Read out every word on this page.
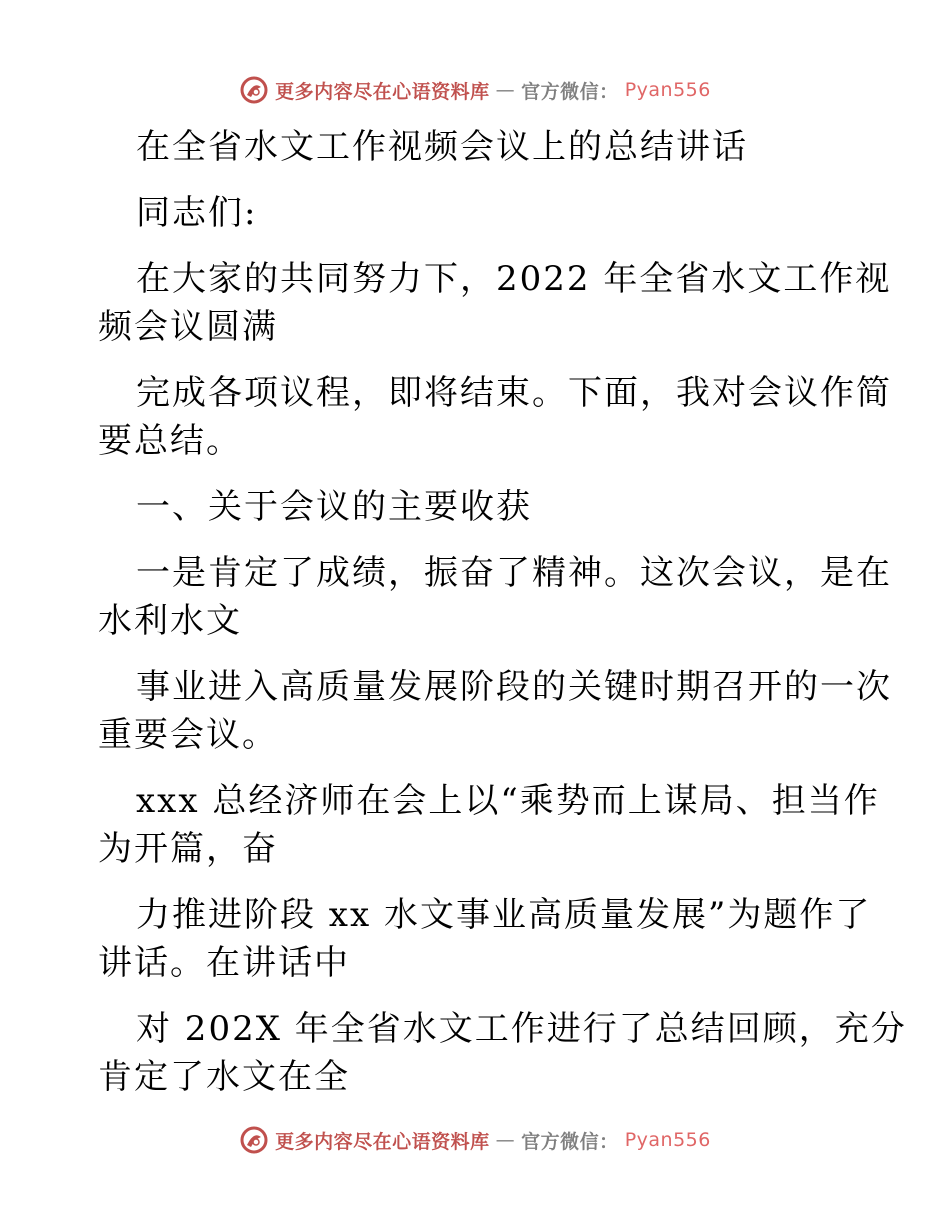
更多内容尽在心语资料库 — 官方微信： Pyan556
在全省水文工作视频会议上的总结讲话
同志们:
在大家的共同努力下，2022 年全省水文工作视
频会议圆满
完成各项议程，即将结束。下面，我对会议作简
要总结。
一、关于会议的主要收获
一是肯定了成绩，振奋了精神。这次会议，是在
水利水文
事业进入高质量发展阶段的关键时期召开的一次
重要会议。
xxx 总经济师在会上以“乘势而上谋局、担当作
为开篇，奋
力推进阶段 xx 水文事业高质量发展”为题作了
讲话。在讲话中
对 202X 年全省水文工作进行了总结回顾，充分
肯定了水文在全
更多内容尽在心语资料库 — 官方微信： Pyan556
